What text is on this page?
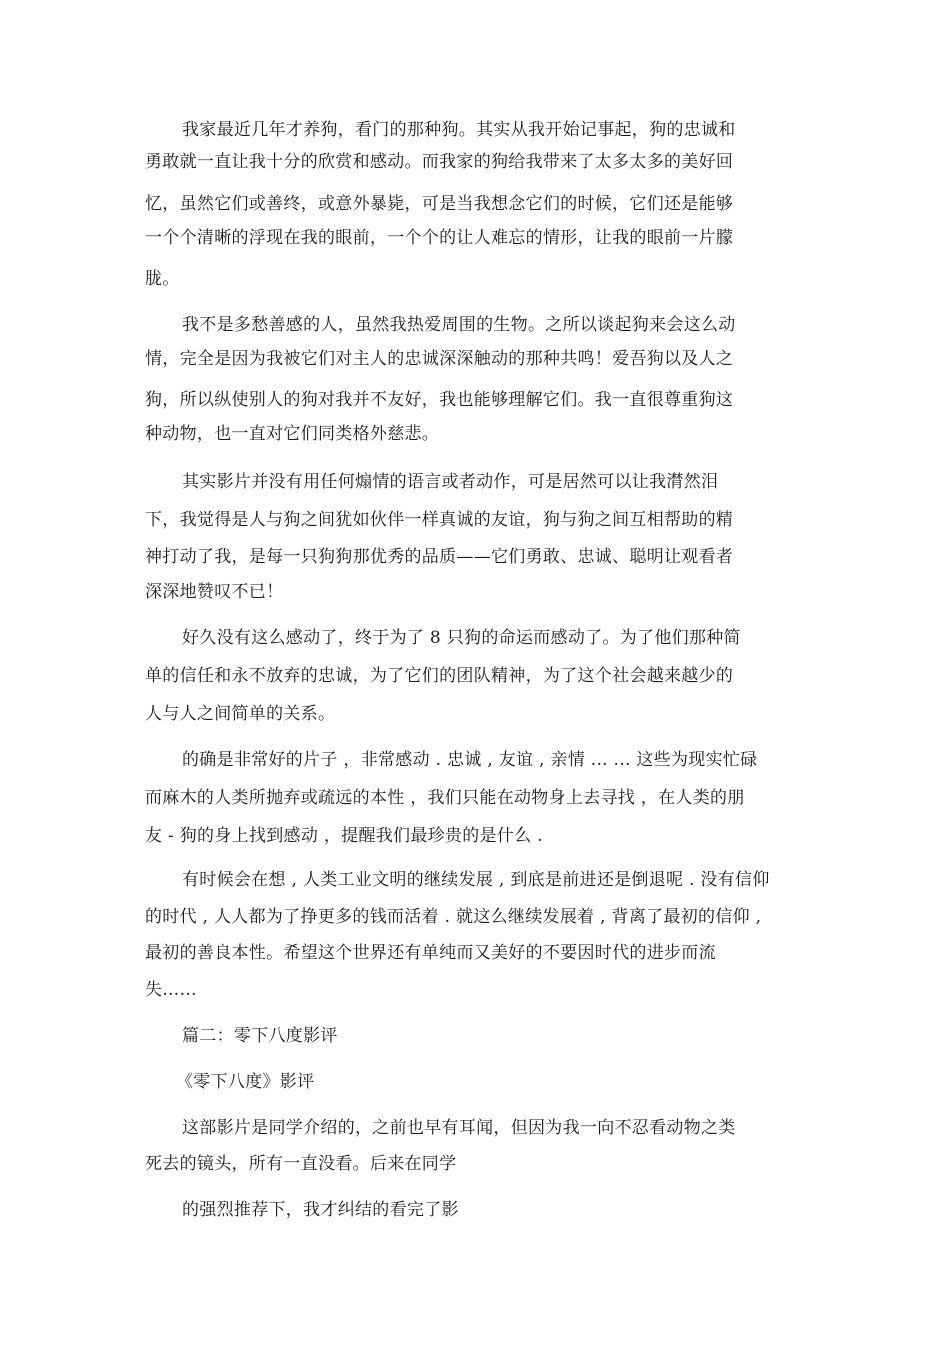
我家最近几年才养狗，看门的那种狗。其实从我开始记事起，狗的忠诚和
勇敢就一直让我十分的欣赏和感动。而我家的狗给我带来了太多太多的美好回
忆，虽然它们或善终，或意外暴毙，可是当我想念它们的时候，它们还是能够
一个个清晰的浮现在我的眼前，一个个的让人难忘的情形，让我的眼前一片朦
胧。
我不是多愁善感的人，虽然我热爱周围的生物。之所以谈起狗来会这么动
情，完全是因为我被它们对主人的忠诚深深触动的那种共鸣！爱吾狗以及人之
狗，所以纵使别人的狗对我并不友好，我也能够理解它们。我一直很尊重狗这
种动物，也一直对它们同类格外慈悲。
其实影片并没有用任何煽情的语言或者动作，可是居然可以让我潸然泪
下，我觉得是人与狗之间犹如伙伴一样真诚的友谊，狗与狗之间互相帮助的精
神打动了我，是每一只狗狗那优秀的品质——它们勇敢、忠诚、聪明让观看者
深深地赞叹不已！
好久没有这么感动了，终于为了 8 只狗的命运而感动了。为了他们那种简
单的信任和永不放弃的忠诚，为了它们的团队精神，为了这个社会越来越少的
人与人之间简单的关系。
的确是非常好的片子 ，非常感动 . 忠诚 , 友谊 , 亲情 ... ... 这些为现实忙碌
而麻木的人类所抛弃或疏远的本性 ，我们只能在动物身上去寻找 ，在人类的朋
友 - 狗的身上找到感动 ，提醒我们最珍贵的是什么 .
有时候会在想 , 人类工业文明的继续发展 , 到底是前进还是倒退呢 . 没有信仰
的时代 , 人人都为了挣更多的钱而活着 . 就这么继续发展着 , 背离了最初的信仰 ,
最初的善良本性。希望这个世界还有单纯而又美好的不要因时代的进步而流
失……
篇二：零下八度影评
《零下八度》影评
这部影片是同学介绍的，之前也早有耳闻，但因为我一向不忍看动物之类
死去的镜头，所有一直没看。后来在同学
的强烈推荐下，我才纠结的看完了影
